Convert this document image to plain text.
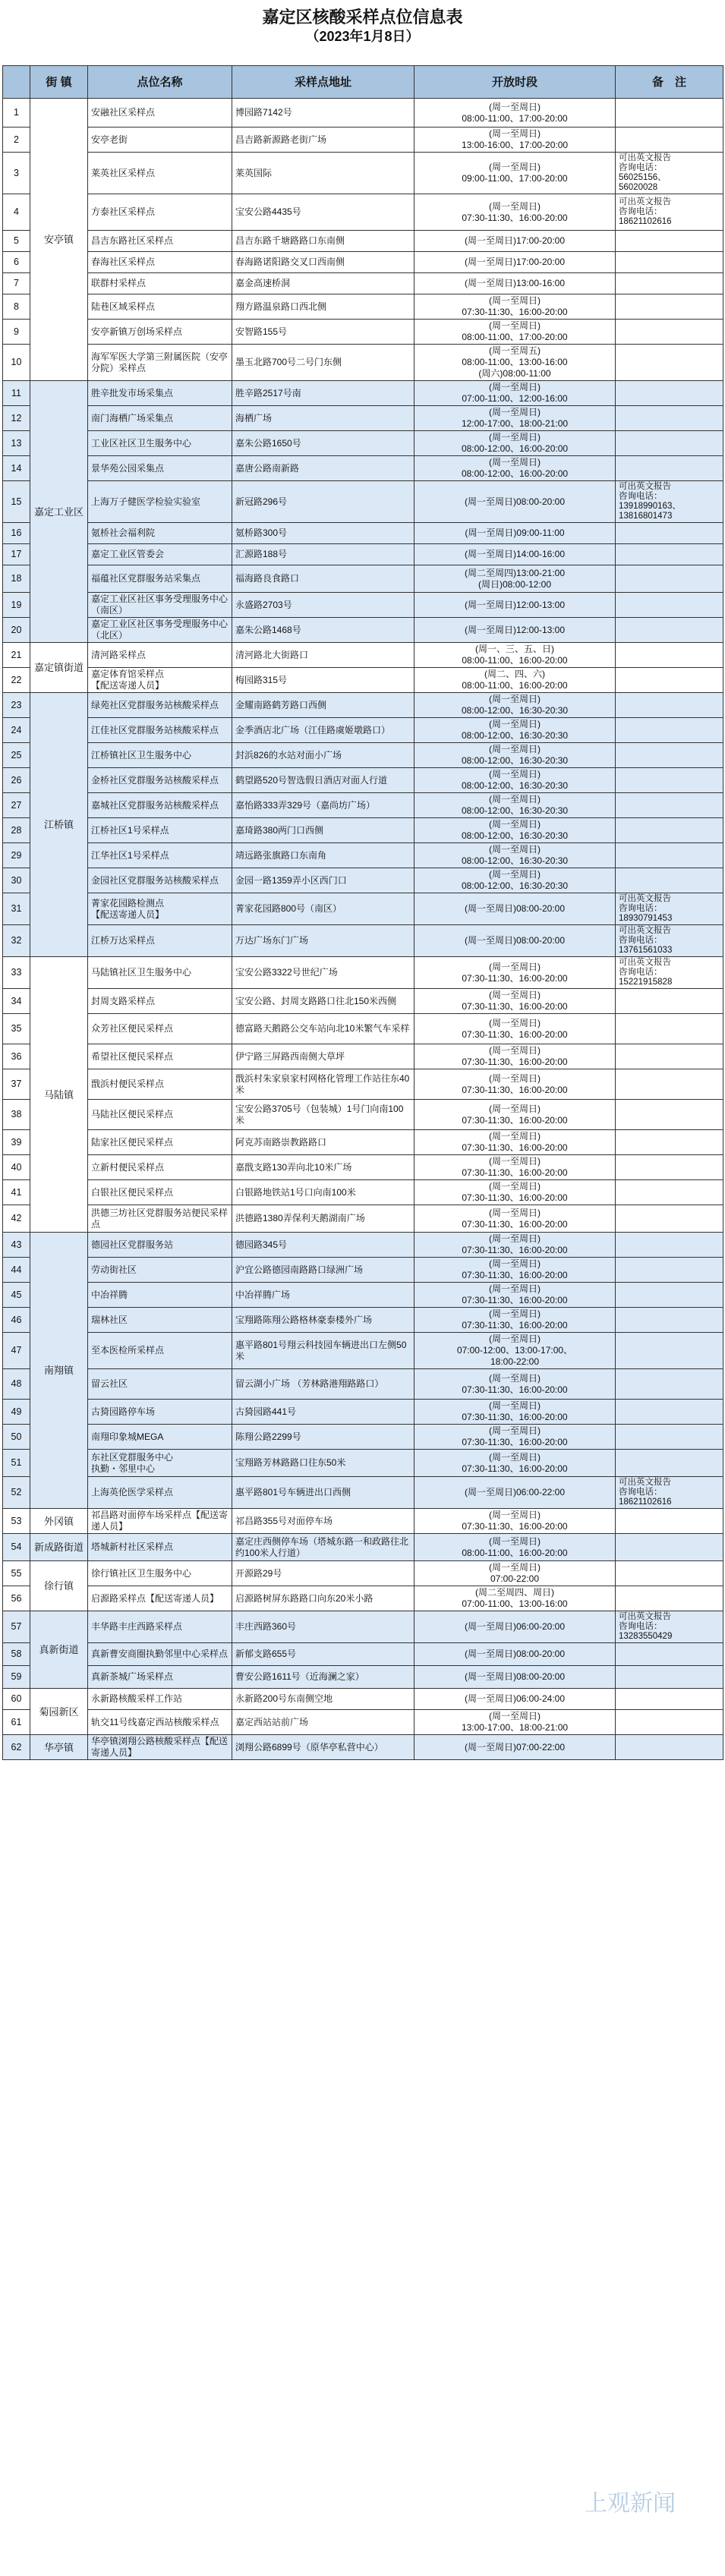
嘉定区核酸采样点位信息表
（2023年1月8日）
	街 镇	点位名称	采样点地址	开放时段	备　注
1	安亭镇	安融社区采样点	博园路7142号	(周一至周日)
08:00-11:00、17:00-20:00	
2		安亭老街	昌吉路新源路老街广场	(周一至周日)
13:00-16:00、17:00-20:00	
3		莱英社区采样点	莱英国际	(周一至周日)
09:00-11:00、17:00-20:00	可出英文报告
咨询电话：
56025156、
56020028
4		方泰社区采样点	宝安公路4435号	(周一至周日)
07:30-11:30、16:00-20:00	可出英文报告
咨询电话：
18621102616
5		昌吉东路社区采样点	昌吉东路千塘路路口东南侧	(周一至周日)17:00-20:00	
6		春海社区采样点	春海路诺阳路交叉口西南侧	(周一至周日)17:00-20:00	
7		联群村采样点	嘉金高速桥洞	(周一至周日)13:00-16:00	
8		陆巷区域采样点	翔方路温泉路口西北侧	(周一至周日)
07:30-11:30、16:00-20:00	
9		安亭新镇万创场采样点	安智路155号	(周一至周日)
08:00-11:00、17:00-20:00	
10		海军军医大学第三附属医院（安亭分院）采样点	墨玉北路700号二号门东侧	(周一至周五)
08:00-11:00、13:00-16:00
(周六)08:00-11:00	
11	嘉定工业区	胜辛批发市场采集点	胜辛路2517号南	(周一至周日)
07:00-11:00、12:00-16:00	
12		南门海栖广场采集点	海栖广场	(周一至周日)
12:00-17:00、18:00-21:00	
13		工业区社区卫生服务中心	嘉朱公路1650号	(周一至周日)
08:00-12:00、16:00-20:00	
14		景华苑公园采集点	嘉唐公路南新路	(周一至周日)
08:00-12:00、16:00-20:00	
15		上海万子健医学检验实验室	新冠路296号	(周一至周日)08:00-20:00	可出英文报告
咨询电话：
13918990163、
13816801473
16		氪桥社会福利院	氪桥路300号	(周一至周日)09:00-11:00	
17		嘉定工业区管委会	汇源路188号	(周一至周日)14:00-16:00	
18		福蕴社区党群服务站采集点	福海路良食路口	(周二至周四)13:00-21:00
(周日)08:00-12:00	
19		嘉定工业区社区事务受理服务中心（南区）	永盛路2703号	(周一至周日)12:00-13:00	
20		嘉定工业区社区事务受理服务中心（北区）	嘉朱公路1468号	(周一至周日)12:00-13:00	
21	嘉定镇街道	清河路采样点	清河路北大街路口	(周一、三、五、日)
08:00-11:00、16:00-20:00	
22		嘉定体育馆采样点
【配送寄递人员】	梅园路315号	(周二、四、六)
08:00-11:00、16:00-20:00	
23	江桥镇	绿苑社区党群服务站核酸采样点	金耀南路鹤芳路口西侧	(周一至周日)
08:00-12:00、16:30-20:30	
24		江佳社区党群服务站核酸采样点	金季酒店北广场（江佳路虞姬墩路口）	(周一至周日)
08:00-12:00、16:30-20:30	
25		江桥镇社区卫生服务中心	封浜826的水站对面小广场	(周一至周日)
08:00-12:00、16:30-20:30	
26		金桥社区党群服务站核酸采样点	鹤望路520号智选假日酒店对面人行道	(周一至周日)
08:00-12:00、16:30-20:30	
27		嘉城社区党群服务站核酸采样点	嘉怡路333弄329号（嘉尚坊广场）	(周一至周日)
08:00-12:00、16:30-20:30	
28		江桥社区1号采样点	嘉琦路380两门口西侧	(周一至周日)
08:00-12:00、16:30-20:30	
29		江华社区1号采样点	靖远路张旗路口东南角	(周一至周日)
08:00-12:00、16:30-20:30	
30		金园社区党群服务站核酸采样点	金园一路1359弄小区西门口	(周一至周日)
08:00-12:00、16:30-20:30	
31		菁家花园路检测点
【配送寄递人员】	菁家花园路800号（南区）	(周一至周日)08:00-20:00	可出英文报告
咨询电话：
18930791453
32		江桥万达采样点	万达广场东门广场	(周一至周日)08:00-20:00	可出英文报告
咨询电话：
13761561033
33	马陆镇	马陆镇社区卫生服务中心	宝安公路3322号世纪广场	(周一至周日)
07:30-11:30、16:00-20:00	可出英文报告
咨询电话：
15221915828
34		封周支路采样点	宝安公路、封周支路路口往北150米西侧	(周一至周日)
07:30-11:30、16:00-20:00	
35		众芳社区便民采样点	德富路天鹅路公交车站向北10米繁气车采样	(周一至周日)
07:30-11:30、16:00-20:00	
36		希望社区便民采样点	伊宁路三屏路西南侧大草坪	(周一至周日)
07:30-11:30、16:00-20:00	
37		戬浜村便民采样点	戬浜村朱家泉家村网格化管理工作站往东40米	(周一至周日)
07:30-11:30、16:00-20:00	
38		马陆社区便民采样点	宝安公路3705号（包装城）1号门向南100米	(周一至周日)
07:30-11:30、16:00-20:00	
39		陆家社区便民采样点	阿克苏南路崇教路路口	(周一至周日)
07:30-11:30、16:00-20:00	
40		立新村便民采样点	嘉戬支路130弄向北10米广场	(周一至周日)
07:30-11:30、16:00-20:00	
41		白银社区便民采样点	白银路地铁站1号口向南100米	(周一至周日)
07:30-11:30、16:00-20:00	
42		洪德三坊社区党群服务站便民采样点	洪德路1380弄保利天鹅湖南广场	(周一至周日)
07:30-11:30、16:00-20:00	
43	南翔镇	德园社区党群服务站	德园路345号	(周一至周日)
07:30-11:30、16:00-20:00	
44		劳动街社区	沪宜公路德园南路路口绿洲广场	(周一至周日)
07:30-11:30、16:00-20:00	
45		中冶祥腾	中冶祥腾广场	(周一至周日)
07:30-11:30、16:00-20:00	
46		瑞林社区	宝翔路陈翔公路格林豪泰楼外广场	(周一至周日)
07:30-11:30、16:00-20:00	
47		至本医检所采样点	惠平路801号翔云科技园车辆进出口左侧50米	(周一至周日)
07:00-12:00、13:00-17:00、
18:00-22:00	
48		留云社区	留云湖小广场 （芳林路港翔路路口）	(周一至周日)
07:30-11:30、16:00-20:00	
49		古猗园路停车场	古猗园路441号	(周一至周日)
07:30-11:30、16:00-20:00	
50		南翔印象城MEGA	陈翔公路2299号	(周一至周日)
07:30-11:30、16:00-20:00	
51		东社区党群服务中心
执勤・邻里中心	宝翔路芳林路路口往东50米	(周一至周日)
07:30-11:30、16:00-20:00	
52		上海英伦医学采样点	惠平路801号车辆进出口西侧	(周一至周日)06:00-22:00	可出英文报告
咨询电话：
18621102616
53	外冈镇	祁昌路对面停车场采样点【配送寄递人员】	祁昌路355号对面停车场	(周一至周日)
07:30-11:30、16:00-20:00	
54	新成路街道	塔城新村社区采样点	嘉定庄西侧停车场（塔城东路一和政路往北约100米人行道）	(周一至周日)
08:00-11:00、16:00-20:00	
55	徐行镇	徐行镇社区卫生服务中心	开源路29号	(周一至周日)
07:00-22:00	
56		启源路采样点【配送寄递人员】	启源路树屏东路路口向东20米小路	(周二至周四、周日)
07:00-11:00、13:00-16:00	
57	真新街道	丰华路丰庄西路采样点	丰庄西路360号	(周一至周日)06:00-20:00	可出英文报告
咨询电话：
13283550429
58		真新曹安商圈执勤邻里中心采样点	新郁支路655号	(周一至周日)08:00-20:00	
59		真新茶城广场采样点	曹安公路1611号（近海澜之家）	(周一至周日)08:00-20:00	
60	菊园新区	永新路核酸采样工作站	永新路200号东南侧空地	(周一至周日)06:00-24:00	
61		轨交11号线嘉定西站核酸采样点	嘉定西站站前广场	(周一至周日)
13:00-17:00、18:00-21:00	
62	华亭镇	华亭镇浏翔公路核酸采样点【配送寄递人员】	浏翔公路6899号（原华亭私营中心）	(周一至周日)07:00-22:00	
上观新闻
